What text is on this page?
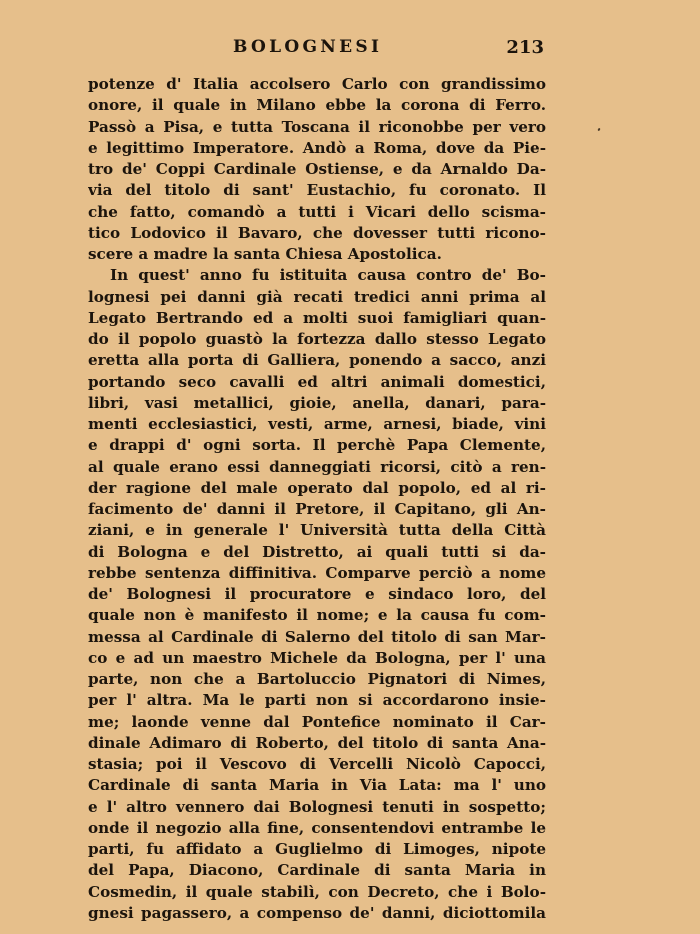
BOLOGNESI	213
potenze d' Italia accolsero Carlo con grandissimo
onore, il quale in Milano ebbe la corona di Ferro.
Passò a Pisa, e tutta Toscana il riconobbe per vero
e legittimo Imperatore. Andò a Roma, dove da Pie-
tro de' Coppi Cardinale Ostiense, e da Arnaldo Da-
via del titolo di sant' Eustachio, fu coronato. Il
che fatto, comandò a tutti i Vicari dello scisma-
tico Lodovico il Bavaro, che dovesser tutti ricono-
scere a madre la santa Chiesa Apostolica.
In quest' anno fu istituita causa contro de' Bo-
lognesi pei danni già recati tredici anni prima al
Legato Bertrando ed a molti suoi famigliari quan-
do il popolo guastò la fortezza dallo stesso Legato
eretta alla porta di Galliera, ponendo a sacco, anzi
portando seco cavalli ed altri animali domestici,
libri, vasi metallici, gioie, anella, danari, para-
menti ecclesiastici, vesti, arme, arnesi, biade, vini
e drappi d' ogni sorta. Il perchè Papa Clemente,
al quale erano essi danneggiati ricorsi, citò a ren-
der ragione del male operato dal popolo, ed al ri-
facimento de' danni il Pretore, il Capitano, gli An-
ziani, e in generale l' Università tutta della Città
di Bologna e del Distretto, ai quali tutti si da-
rebbe sentenza diffinitiva. Comparve perciò a nome
de' Bolognesi il procuratore e sindaco loro, del
quale non è manifesto il nome; e la causa fu com-
messa al Cardinale di Salerno del titolo di san Mar-
co e ad un maestro Michele da Bologna, per l' una
parte, non che a Bartoluccio Pignatori di Nimes,
per l' altra. Ma le parti non si accordarono insie-
me; laonde venne dal Pontefice nominato il Car-
dinale Adimaro di Roberto, del titolo di santa Ana-
stasia; poi il Vescovo di Vercelli Nicolò Capocci,
Cardinale di santa Maria in Via Lata: ma l' uno
e l' altro vennero dai Bolognesi tenuti in sospetto;
onde il negozio alla fine, consentendovi entrambe le
parti, fu affidato a Guglielmo di Limoges, nipote
del Papa, Diacono, Cardinale di santa Maria in
Cosmedin, il quale stabilì, con Decreto, che i Bolo-
gnesi pagassero, a compenso de' danni, diciottomila
